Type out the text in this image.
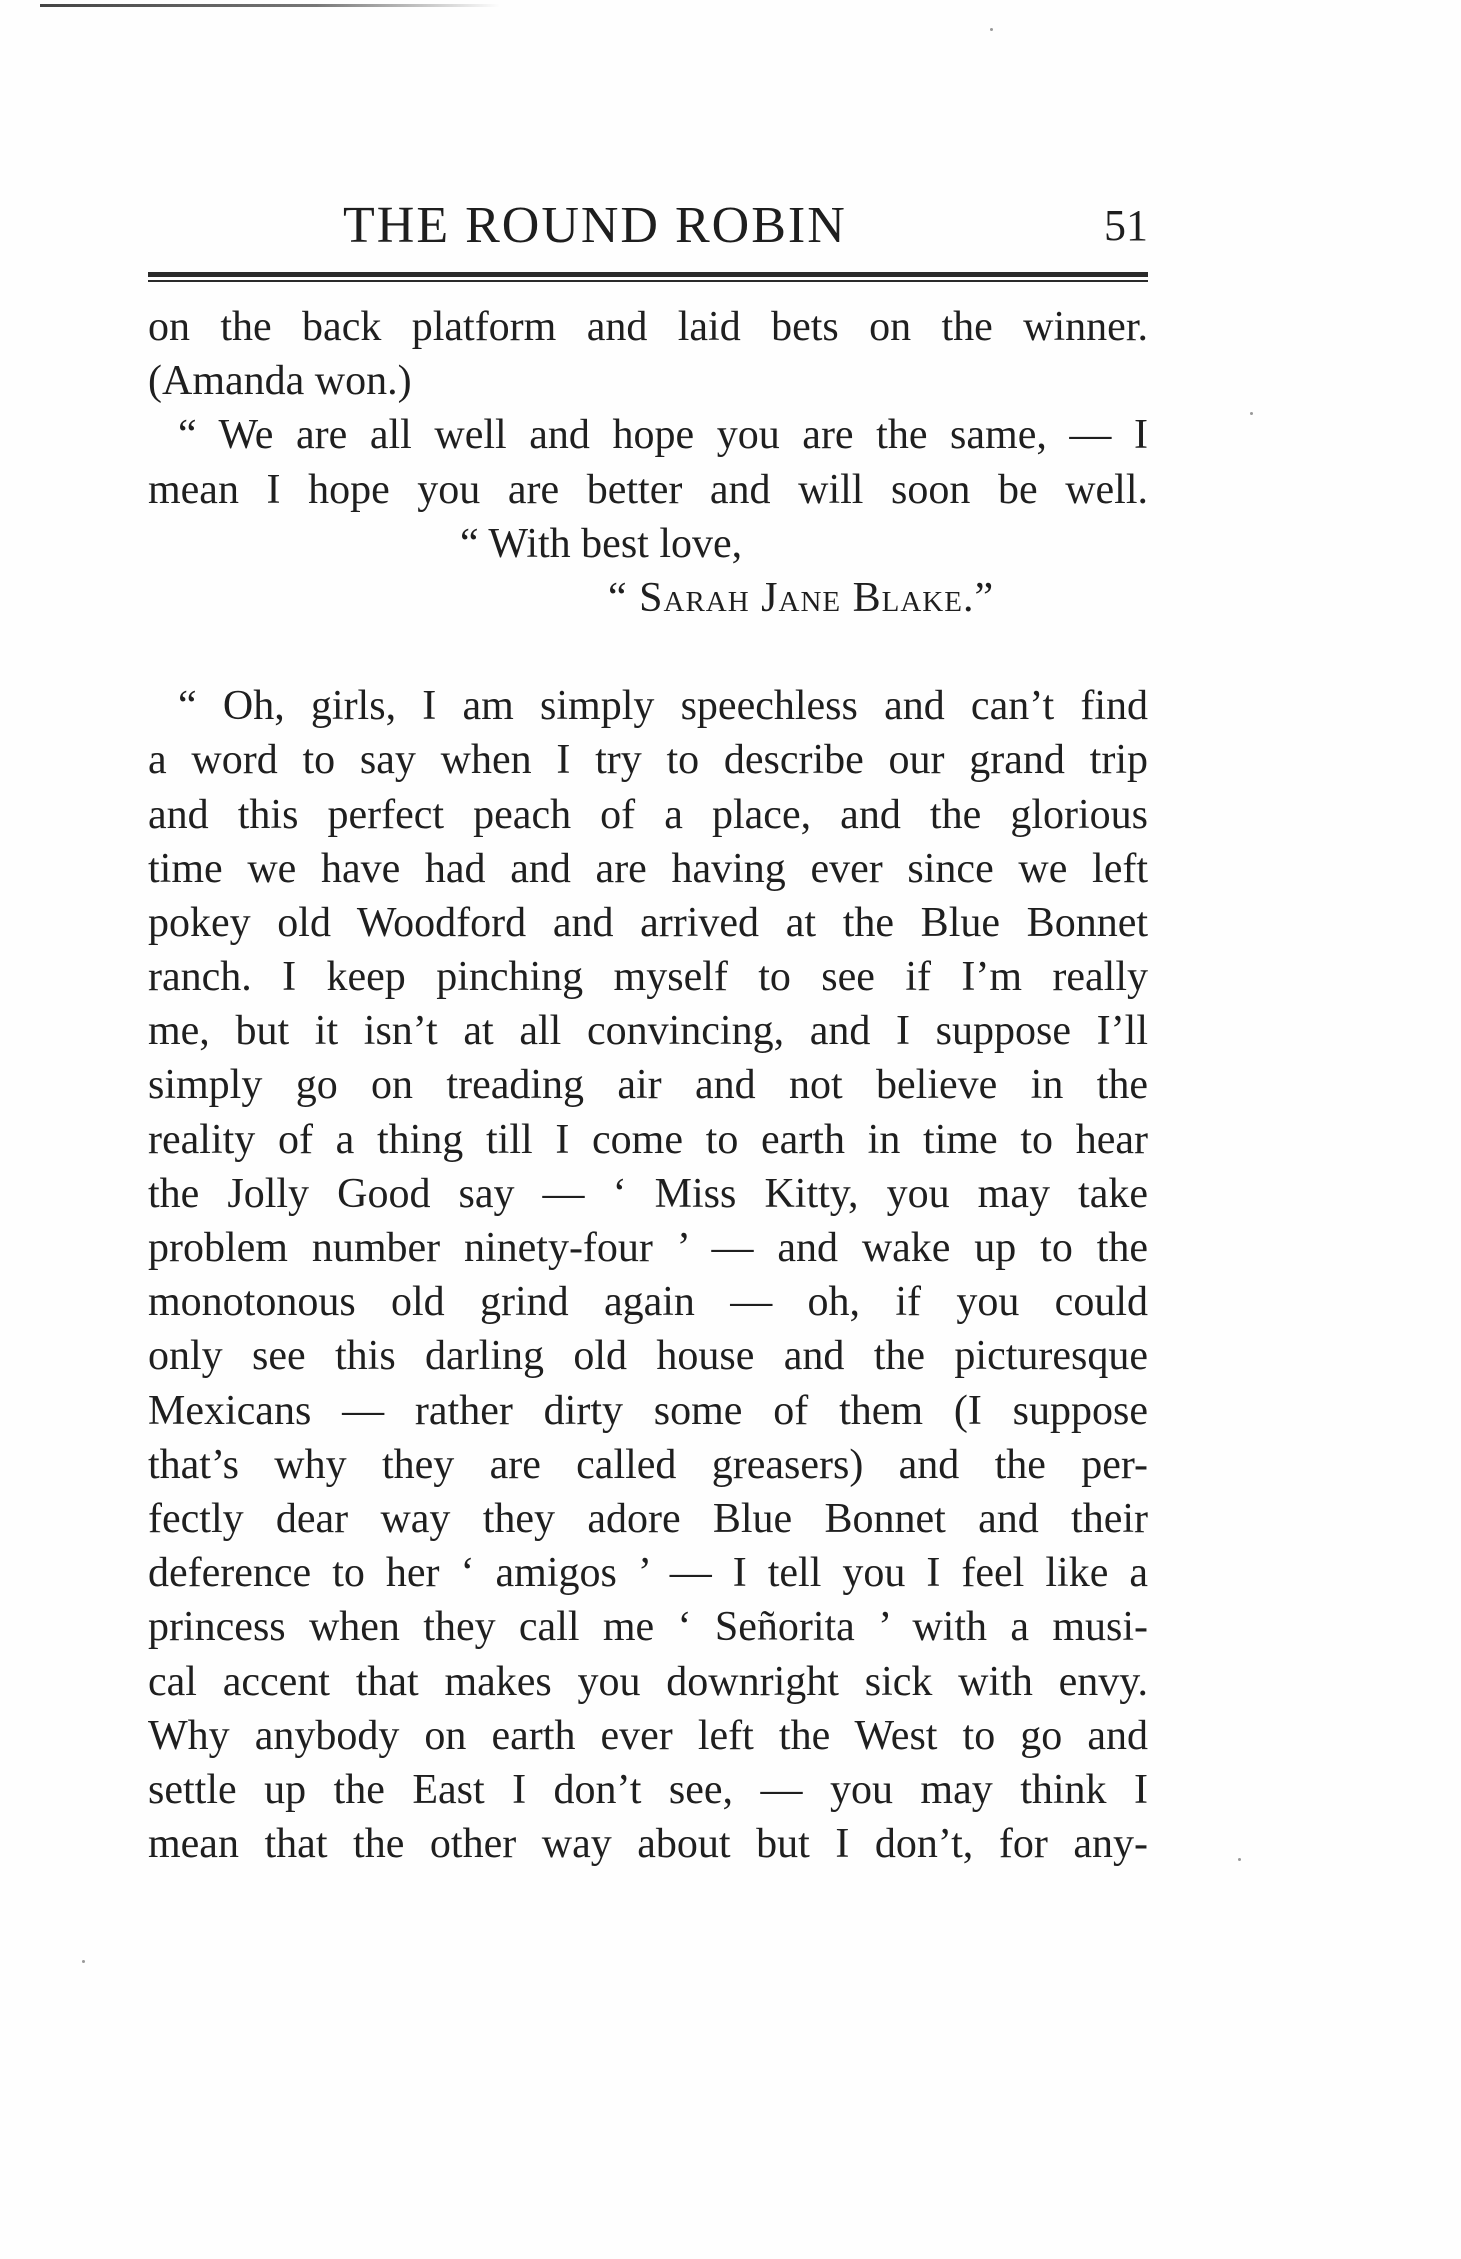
THE ROUND ROBIN	51
on the back platform and laid bets on the winner.
(Amanda won.)
“ We are all well and hope you are the same, — I
mean I hope you are better and will soon be well.
“ With best love,
“ Sarah Jane Blake.”
“ Oh, girls, I am simply speechless and can’t find
a word to say when I try to describe our grand trip
and this perfect peach of a place, and the glorious
time we have had and are having ever since we left
pokey old Woodford and arrived at the Blue Bonnet
ranch. I keep pinching myself to see if I’m really
me, but it isn’t at all convincing, and I suppose I’ll
simply go on treading air and not believe in the
reality of a thing till I come to earth in time to hear
the Jolly Good say — ‘ Miss Kitty, you may take
problem number ninety-four ’ — and wake up to the
monotonous old grind again — oh, if you could
only see this darling old house and the picturesque
Mexicans — rather dirty some of them (I suppose
that’s why they are called greasers) and the per-
fectly dear way they adore Blue Bonnet and their
deference to her ‘ amigos ’ — I tell you I feel like a
princess when they call me ‘ Señorita ’ with a musi-
cal accent that makes you downright sick with envy.
Why anybody on earth ever left the West to go and
settle up the East I don’t see, — you may think I
mean that the other way about but I don’t, for any-
